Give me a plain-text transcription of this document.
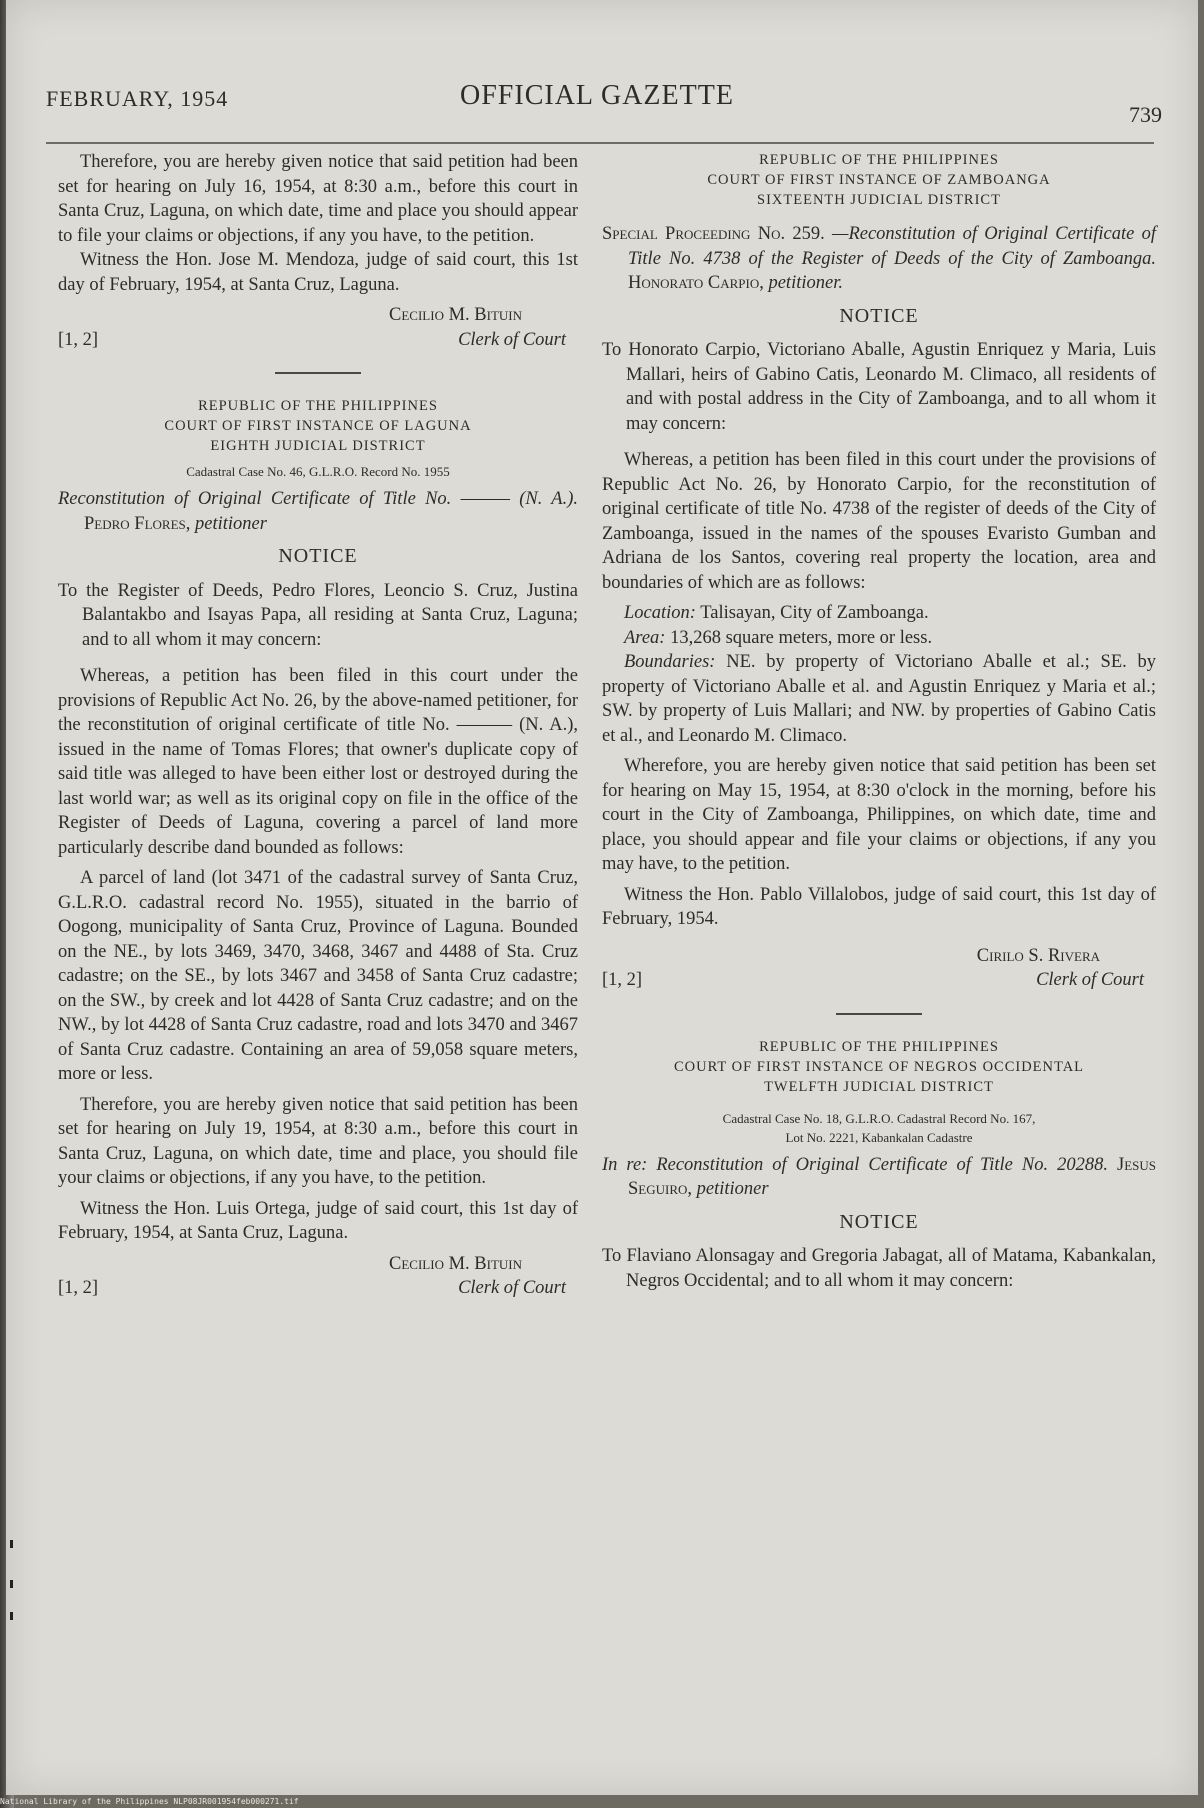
FEBRUARY, 1954	OFFICIAL GAZETTE
739

Therefore, you are hereby given notice that said petition had been set for hearing on July 16, 1954, at 8:30 a.m., before this court in Santa Cruz, Laguna, on which date, time and place you should appear to file your claims or objections, if any you have, to the petition.

Witness the Hon. Jose M. Mendoza, judge of said court, this 1st day of February, 1954, at Santa Cruz, Laguna.

Cecilio M. Bituin
[1, 2]	Clerk of Court
REPUBLIC OF THE PHILIPPINES
COURT OF FIRST INSTANCE OF LAGUNA
EIGHTH JUDICIAL DISTRICT
Cadastral Case No. 46, G.L.R.O. Record No. 1955

Reconstitution of Original Certificate of Title No. ——— (N. A.). Pedro Flores, petitioner

NOTICE

To the Register of Deeds, Pedro Flores, Leoncio S. Cruz, Justina Balantakbo and Isayas Papa, all residing at Santa Cruz, Laguna; and to all whom it may concern:

Whereas, a petition has been filed in this court under the provisions of Republic Act No. 26, by the above-named petitioner, for the reconstitution of original certificate of title No. ——— (N. A.), issued in the name of Tomas Flores; that owner's duplicate copy of said title was alleged to have been either lost or destroyed during the last world war; as well as its original copy on file in the office of the Register of Deeds of Laguna, covering a parcel of land more particularly describe dand bounded as follows:

A parcel of land (lot 3471 of the cadastral survey of Santa Cruz, G.L.R.O. cadastral record No. 1955), situated in the barrio of Oogong, municipality of Santa Cruz, Province of Laguna. Bounded on the NE., by lots 3469, 3470, 3468, 3467 and 4488 of Sta. Cruz cadastre; on the SE., by lots 3467 and 3458 of Santa Cruz cadastre; on the SW., by creek and lot 4428 of Santa Cruz cadastre; and on the NW., by lot 4428 of Santa Cruz cadastre, road and lots 3470 and 3467 of Santa Cruz cadastre. Containing an area of 59,058 square meters, more or less.

Therefore, you are hereby given notice that said petition has been set for hearing on July 19, 1954, at 8:30 a.m., before this court in Santa Cruz, Laguna, on which date, time and place, you should file your claims or objections, if any you have, to the petition.

Witness the Hon. Luis Ortega, judge of said court, this 1st day of February, 1954, at Santa Cruz, Laguna.

Cecilio M. Bituin
[1, 2]	Clerk of Court
REPUBLIC OF THE PHILIPPINES
COURT OF FIRST INSTANCE OF ZAMBOANGA
SIXTEENTH JUDICIAL DISTRICT

Special Proceeding No. 259. —Reconstitution of Original Certificate of Title No. 4738 of the Register of Deeds of the City of Zamboanga. Honorato Carpio, petitioner.

NOTICE

To Honorato Carpio, Victoriano Aballe, Agustin Enriquez y Maria, Luis Mallari, heirs of Gabino Catis, Leonardo M. Climaco, all residents of and with postal address in the City of Zamboanga, and to all whom it may concern:

Whereas, a petition has been filed in this court under the provisions of Republic Act No. 26, by Honorato Carpio, for the reconstitution of original certificate of title No. 4738 of the register of deeds of the City of Zamboanga, issued in the names of the spouses Evaristo Gumban and Adriana de los Santos, covering real property the location, area and boundaries of which are as follows:

Location: Talisayan, City of Zamboanga.

Area: 13,268 square meters, more or less.

Boundaries: NE. by property of Victoriano Aballe et al.; SE. by property of Victoriano Aballe et al. and Agustin Enriquez y Maria et al.; SW. by property of Luis Mallari; and NW. by properties of Gabino Catis et al., and Leonardo M. Climaco.

Wherefore, you are hereby given notice that said petition has been set for hearing on May 15, 1954, at 8:30 o'clock in the morning, before his court in the City of Zamboanga, Philippines, on which date, time and place, you should appear and file your claims or objections, if any you may have, to the petition.

Witness the Hon. Pablo Villalobos, judge of said court, this 1st day of February, 1954.

Cirilo S. Rivera
[1, 2]	Clerk of Court
REPUBLIC OF THE PHILIPPINES
COURT OF FIRST INSTANCE OF NEGROS OCCIDENTAL
TWELFTH JUDICIAL DISTRICT
Cadastral Case No. 18, G.L.R.O. Cadastral Record No. 167,
Lot No. 2221, Kabankalan Cadastre

In re: Reconstitution of Original Certificate of Title No. 20288. Jesus Seguiro, petitioner

NOTICE

To Flaviano Alonsagay and Gregoria Jabagat, all of Matama, Kabankalan, Negros Occidental; and to all whom it may concern:

National Library of the Philippines NLP08JR001954feb000271.tif
